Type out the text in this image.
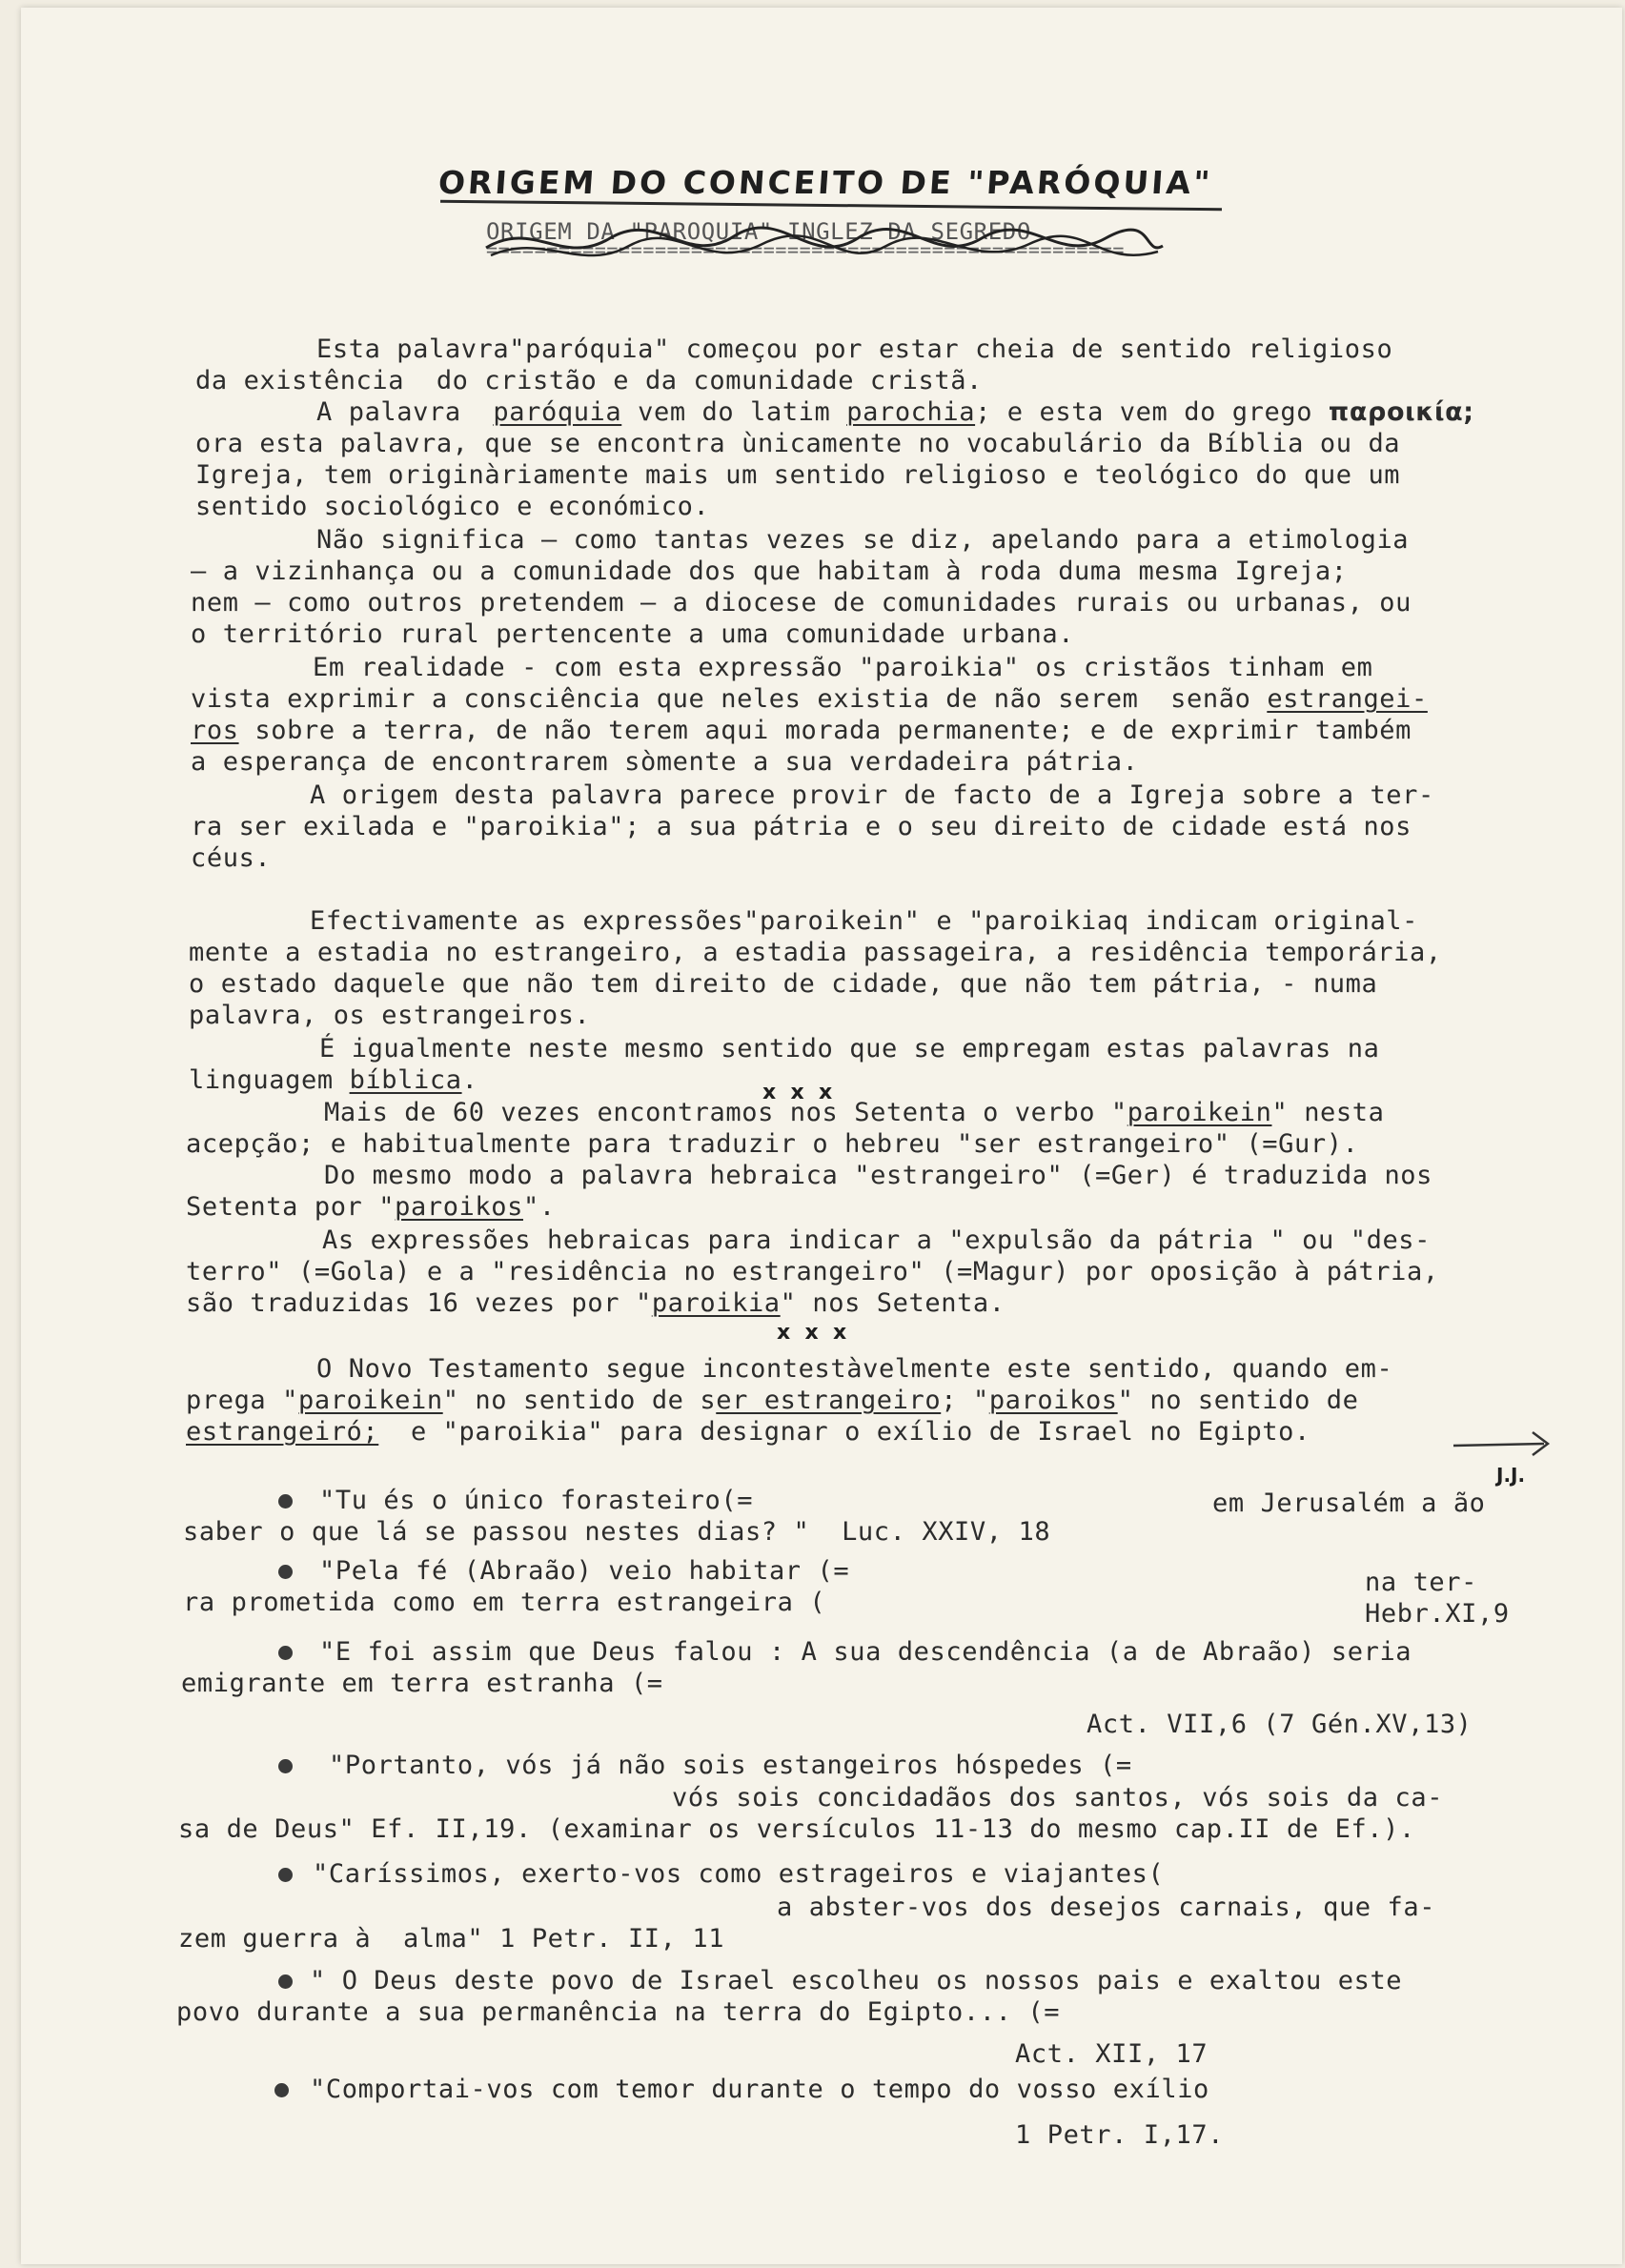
ORIGEM DO CONCEITO DE "PARÓQUIA"
ORIGEM DA "PAROQUIA" INGLEZ DA SEGREDO
=====================================================
Esta palavra"paróquia" começou por estar cheia de sentido religioso
da existência  do cristão e da comunidade cristã.
A palavra  paróquia vem do latim parochia; e esta vem do grego παροικία;
ora esta palavra, que se encontra ùnicamente no vocabulário da Bíblia ou da
Igreja, tem originàriamente mais um sentido religioso e teológico do que um
sentido sociológico e económico.
Não significa — como tantas vezes se diz, apelando para a etimologia
— a vizinhança ou a comunidade dos que habitam à roda duma mesma Igreja;
nem — como outros pretendem — a diocese de comunidades rurais ou urbanas, ou
o território rural pertencente a uma comunidade urbana.
Em realidade - com esta expressão "paroikia" os cristãos tinham em
vista exprimir a consciência que neles existia de não serem  senão estrangei-
ros sobre a terra, de não terem aqui morada permanente; e de exprimir também
a esperança de encontrarem sòmente a sua verdadeira pátria.
A origem desta palavra parece provir de facto de a Igreja sobre a ter-
ra ser exilada e "paroikia"; a sua pátria e o seu direito de cidade está nos
céus.
Efectivamente as expressões"paroikein" e "paroikiaq indicam original-
mente a estadia no estrangeiro, a estadia passageira, a residência temporária,
o estado daquele que não tem direito de cidade, que não tem pátria, - numa
palavra, os estrangeiros.
É igualmente neste mesmo sentido que se empregam estas palavras na
linguagem bíblica.	x  x  x
Mais de 60 vezes encontramos nos Setenta o verbo "paroikein" nesta
acepção; e habitualmente para traduzir o hebreu "ser estrangeiro" (=Gur).
Do mesmo modo a palavra hebraica "estrangeiro" (=Ger) é traduzida nos
Setenta por "paroikos".
As expressões hebraicas para indicar a "expulsão da pátria " ou "des-
terro" (=Gola) e a "residência no estrangeiro" (=Magur) por oposição à pátria,
são traduzidas 16 vezes por "paroikia" nos Setenta.
x  x  x
O Novo Testamento segue incontestàvelmente este sentido, quando em-
prega "paroikein" no sentido de ser estrangeiro; "paroikos" no sentido de
estrangeiró;  e "paroikia" para designar o exílio de Israel no Egipto.
J.J.
"Tu és o único forasteiro(=	em Jerusalém a ão
saber o que lá se passou nestes dias? "  Luc. XXIV, 18
"Pela fé (Abraão) veio habitar (=	na ter-
ra prometida como em terra estrangeira (	Hebr.XI,9
"E foi assim que Deus falou : A sua descendência (a de Abraão) seria
emigrante em terra estranha (=
Act. VII,6 (7 Gén.XV,13)
"Portanto, vós já não sois estangeiros hóspedes (=
vós sois concidadãos dos santos, vós sois da ca-
sa de Deus" Ef. II,19. (examinar os versículos 11-13 do mesmo cap.II de Ef.).
"Caríssimos, exerto-vos como estrageiros e viajantes(
a abster-vos dos desejos carnais, que fa-
zem guerra à  alma" 1 Petr. II, 11
" O Deus deste povo de Israel escolheu os nossos pais e exaltou este
povo durante a sua permanência na terra do Egipto... (=
Act. XII, 17
"Comportai-vos com temor durante o tempo do vosso exílio
1 Petr. I,17.
